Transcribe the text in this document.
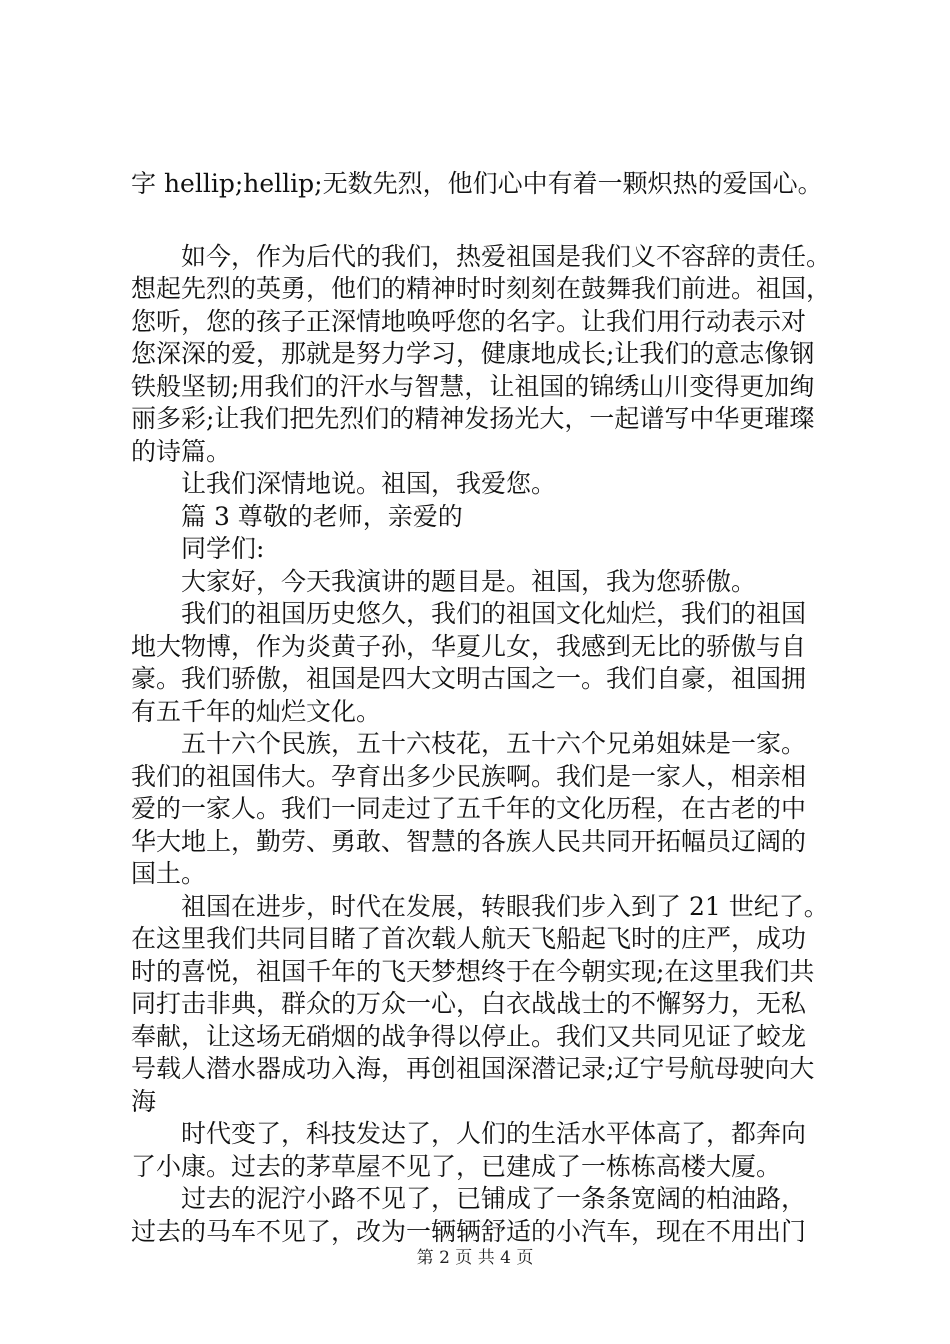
字 hellip;hellip;无数先烈，他们心中有着一颗炽热的爱国心。
如今，作为后代的我们，热爱祖国是我们义不容辞的责任。
想起先烈的英勇，他们的精神时时刻刻在鼓舞我们前进。祖国，
您听，您的孩子正深情地唤呼您的名字。让我们用行动表示对
您深深的爱，那就是努力学习，健康地成长;让我们的意志像钢
铁般坚韧;用我们的汗水与智慧，让祖国的锦绣山川变得更加绚
丽多彩;让我们把先烈们的精神发扬光大，一起谱写中华更璀璨
的诗篇。
让我们深情地说。祖国，我爱您。
篇 3 尊敬的老师，亲爱的
同学们:
大家好，今天我演讲的题目是。祖国，我为您骄傲。
我们的祖国历史悠久，我们的祖国文化灿烂，我们的祖国
地大物博，作为炎黄子孙，华夏儿女，我感到无比的骄傲与自
豪。我们骄傲，祖国是四大文明古国之一。我们自豪，祖国拥
有五千年的灿烂文化。
五十六个民族，五十六枝花，五十六个兄弟姐妹是一家。
我们的祖国伟大。孕育出多少民族啊。我们是一家人，相亲相
爱的一家人。我们一同走过了五千年的文化历程，在古老的中
华大地上，勤劳、勇敢、智慧的各族人民共同开拓幅员辽阔的
国土。
祖国在进步，时代在发展，转眼我们步入到了 21 世纪了。
在这里我们共同目睹了首次载人航天飞船起飞时的庄严，成功
时的喜悦，祖国千年的飞天梦想终于在今朝实现;在这里我们共
同打击非典，群众的万众一心，白衣战战士的不懈努力，无私
奉献，让这场无硝烟的战争得以停止。我们又共同见证了蛟龙
号载人潜水器成功入海，再创祖国深潜记录;辽宁号航母驶向大
海
时代变了，科技发达了，人们的生活水平体高了，都奔向
了小康。过去的茅草屋不见了，已建成了一栋栋高楼大厦。
过去的泥泞小路不见了，已铺成了一条条宽阔的柏油路，
过去的马车不见了，改为一辆辆舒适的小汽车，现在不用出门
第 2 页 共 4 页
